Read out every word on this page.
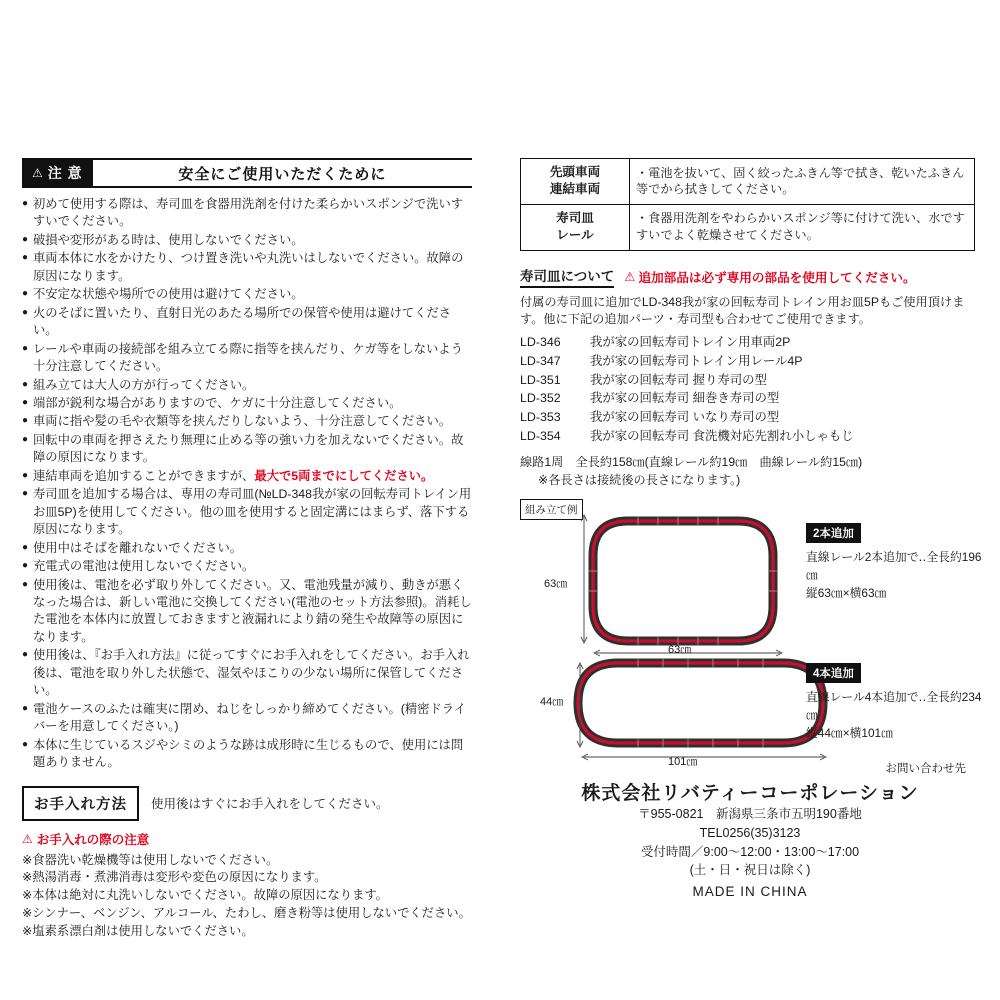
⚠ 注 意	安全にご使用いただくために
● 初めて使用する際は、寿司皿を食器用洗剤を付けた柔らかいスポンジで洗いすすいでください。
● 破損や変形がある時は、使用しないでください。
● 車両本体に水をかけたり、つけ置き洗いや丸洗いはしないでください。故障の原因になります。
● 不安定な状態や場所での使用は避けてください。
● 火のそばに置いたり、直射日光のあたる場所での保管や使用は避けてください。
● レールや車両の接続部を組み立てる際に指等を挟んだり、ケガ等をしないよう十分注意してください。
● 組み立ては大人の方が行ってください。
● 端部が鋭利な場合がありますので、ケガに十分注意してください。
● 車両に指や髪の毛や衣類等を挟んだりしないよう、十分注意してください。
● 回転中の車両を押さえたり無理に止める等の強い力を加えないでください。故障の原因になります。
● 連結車両を追加することができますが、最大で5両までにしてください。
● 寿司皿を追加する場合は、専用の寿司皿(№LD-348我が家の回転寿司トレイン用お皿5P)を使用してください。他の皿を使用すると固定溝にはまらず、落下する原因になります。
● 使用中はそばを離れないでください。
● 充電式の電池は使用しないでください。
● 使用後は、電池を必ず取り外してください。又、電池残量が減り、動きが悪くなった場合は、新しい電池に交換してください(電池のセット方法参照)。消耗した電池を本体内に放置しておきますと液漏れにより錆の発生や故障等の原因になります。
● 使用後は、『お手入れ方法』に従ってすぐにお手入れをしてください。お手入れ後は、電池を取り外した状態で、湿気やほこりの少ない場所に保管してください。
● 電池ケースのふたは確実に閉め、ねじをしっかり締めてください。(精密ドライバーを用意してください。)
● 本体に生じているスジやシミのような跡は成形時に生じるもので、使用には問題ありません。
お手入れ方法	使用後はすぐにお手入れをしてください。
⚠ お手入れの際の注意
※食器洗い乾燥機等は使用しないでください。
※熱湯消毒・煮沸消毒は変形や変色の原因になります。
※本体は絶対に丸洗いしないでください。故障の原因になります。
※シンナー、ベンジン、アルコール、たわし、磨き粉等は使用しないでください。
※塩素系漂白剤は使用しないでください。
先頭車両
連結車両	・電池を抜いて、固く絞ったふきん等で拭き、乾いたふきん等でから拭きしてください。

寿司皿
レール	・食器用洗剤をやわらかいスポンジ等に付けて洗い、水ですすいでよく乾燥させてください。
寿司皿について ⚠ 追加部品は必ず専用の部品を使用してください。
付属の寿司皿に追加でLD-348我が家の回転寿司トレイン用お皿5Pもご使用頂けます。他に下記の追加パーツ・寿司型も合わせてご使用できます。
LD-346	我が家の回転寿司トレイン用車両2P
LD-347	我が家の回転寿司トレイン用レール4P
LD-351	我が家の回転寿司 握り寿司の型
LD-352	我が家の回転寿司 細巻き寿司の型
LD-353	我が家の回転寿司 いなり寿司の型
LD-354	我が家の回転寿司 食洗機対応先割れ小しゃもじ
線路1周　全長約158㎝(直線レール約19㎝　曲線レール約15㎝)
※各長さは接続後の長さになります。)
組み立て例
63㎝
63㎝
2本追加
直線レール2本追加で‥全長約196㎝
縦63㎝×横63㎝
44㎝
101㎝
4本追加
直線レール4本追加で‥全長約234㎝
縦44㎝×横101㎝
お問い合わせ先
株式会社リバティーコーポレーション
〒955-0821　新潟県三条市五明190番地
TEL0256(35)3123
受付時間／9:00～12:00・13:00～17:00
(土・日・祝日は除く)
MADE IN CHINA
